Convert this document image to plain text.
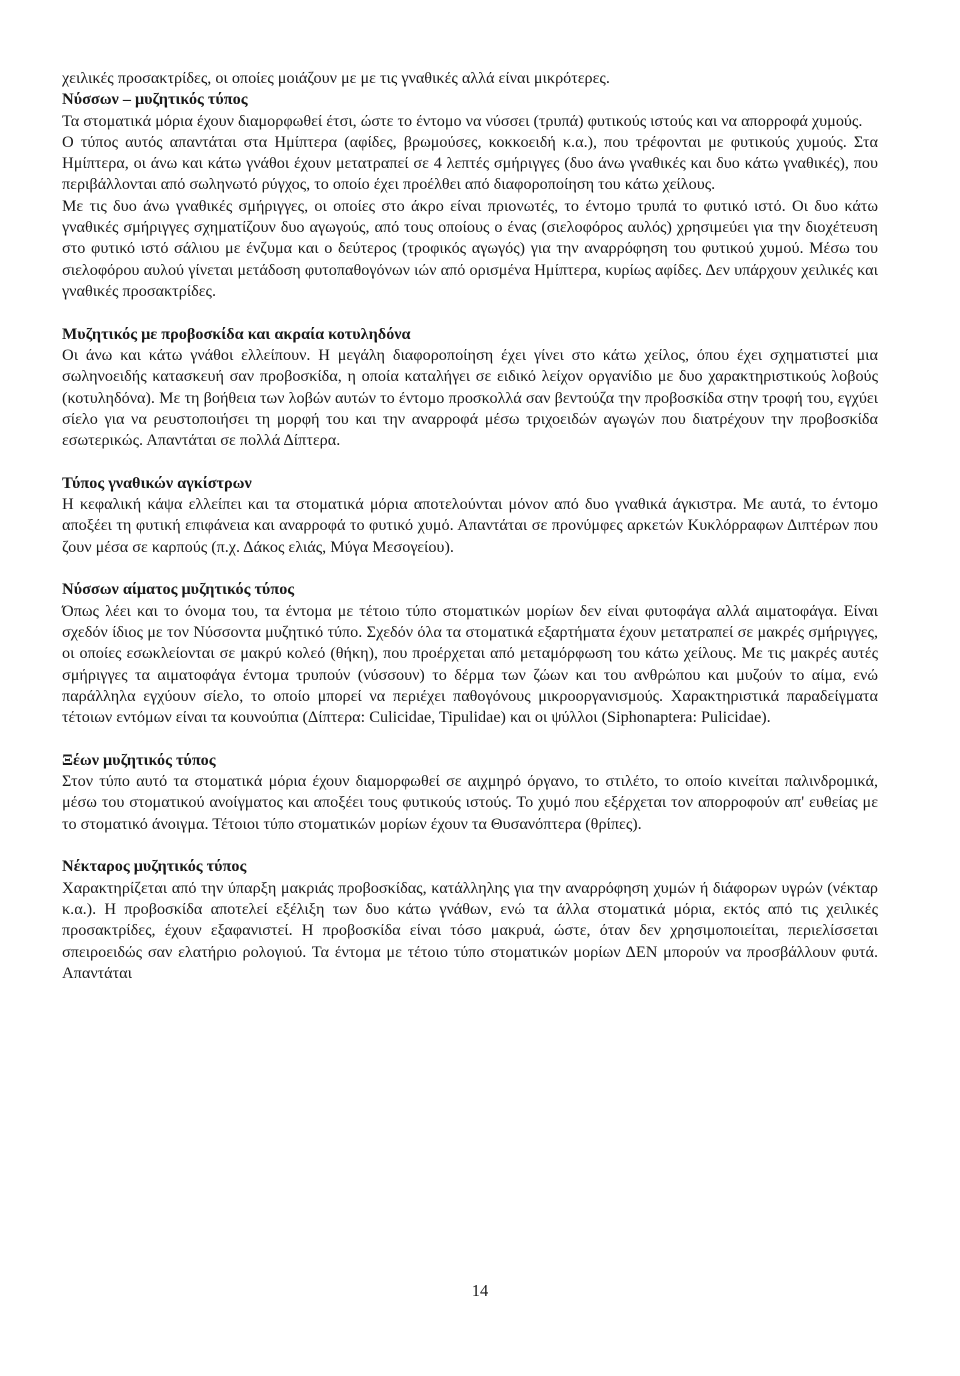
χειλικές προσακτρίδες, οι οποίες μοιάζουν με με τις γναθικές αλλά είναι μικρότερες.

Νύσσων – μυζητικός τύπος

Τα στοματικά μόρια έχουν διαμορφωθεί έτσι, ώστε το έντομο να νύσσει (τρυπά) φυτικούς ιστούς και να απορροφά χυμούς.

Ο τύπος αυτός απαντάται στα Ημίπτερα (αφίδες, βρωμούσες, κοκκοειδή κ.α.), που τρέφονται με φυτικούς χυμούς. Στα Ημίπτερα, οι άνω και κάτω γνάθοι έχουν μετατραπεί σε 4 λεπτές σμήριγγες (δυο άνω γναθικές και δυο κάτω γναθικές), που περιβάλλονται από σωληνωτό ρύγχος, το οποίο έχει προέλθει από διαφοροποίηση του κάτω χείλους.

Με τις δυο άνω γναθικές σμήριγγες, οι οποίες στο άκρο είναι πριονωτές, το έντομο τρυπά το φυτικό ιστό. Οι δυο κάτω γναθικές σμήριγγες σχηματίζουν δυο αγωγούς, από τους οποίους ο ένας (σιελοφόρος αυλός) χρησιμεύει για την διοχέτευση στο φυτικό ιστό σάλιου με ένζυμα και ο δεύτερος (τροφικός αγωγός) για την αναρρόφηση του φυτικού χυμού. Μέσω του σιελοφόρου αυλού γίνεται μετάδοση φυτοπαθογόνων ιών από ορισμένα Ημίπτερα, κυρίως αφίδες. Δεν υπάρχουν χειλικές και γναθικές προσακτρίδες.

Μυζητικός με προβοσκίδα και ακραία κοτυληδόνα

Οι άνω και κάτω γνάθοι ελλείπουν. Η μεγάλη διαφοροποίηση έχει γίνει στο κάτω χείλος, όπου έχει σχηματιστεί μια σωληνοειδής κατασκευή σαν προβοσκίδα, η οποία καταλήγει σε ειδικό λείχον οργανίδιο με δυο χαρακτηριστικούς λοβούς (κοτυληδόνα). Με τη βοήθεια των λοβών αυτών το έντομο προσκολλά σαν βεντούζα την προβοσκίδα στην τροφή του, εγχύει σίελο για να ρευστοποιήσει τη μορφή του και την αναρροφά μέσω τριχοειδών αγωγών που διατρέχουν την προβοσκίδα εσωτερικώς. Απαντάται σε πολλά Δίπτερα.

Τύπος γναθικών αγκίστρων

Η κεφαλική κάψα ελλείπει και τα στοματικά μόρια αποτελούνται μόνον από δυο γναθικά άγκιστρα. Με αυτά, το έντομο αποξέει τη φυτική επιφάνεια και αναρροφά το φυτικό χυμό. Απαντάται σε προνύμφες αρκετών Κυκλόρραφων Διπτέρων που ζουν μέσα σε καρπούς (π.χ. Δάκος ελιάς, Μύγα Μεσογείου).

Νύσσων αίματος μυζητικός τύπος

Όπως λέει και το όνομα του, τα έντομα με τέτοιο τύπο στοματικών μορίων δεν είναι φυτοφάγα αλλά αιματοφάγα. Είναι σχεδόν ίδιος με τον Νύσσοντα μυζητικό τύπο. Σχεδόν όλα τα στοματικά εξαρτήματα έχουν μετατραπεί σε μακρές σμήριγγες, οι οποίες εσωκλείονται σε μακρύ κολεό (θήκη), που προέρχεται από μεταμόρφωση του κάτω χείλους. Με τις μακρές αυτές σμήριγγες τα αιματοφάγα έντομα τρυπούν (νύσσουν) το δέρμα των ζώων και του ανθρώπου και μυζούν το αίμα, ενώ παράλληλα εγχύουν σίελο, το οποίο μπορεί να περιέχει παθογόνους μικροοργανισμούς. Χαρακτηριστικά παραδείγματα τέτοιων εντόμων είναι τα κουνούπια (Δίπτερα: Culicidae, Tipulidae) και οι ψύλλοι (Siphonaptera: Pulicidae).

Ξέων μυζητικός τύπος

Στον τύπο αυτό τα στοματικά μόρια έχουν διαμορφωθεί σε αιχμηρό όργανο, το στιλέτο, το οποίο κινείται παλινδρομικά, μέσω του στοματικού ανοίγματος και αποξέει τους φυτικούς ιστούς. Το χυμό που εξέρχεται τον απορροφούν απ' ευθείας με το στοματικό άνοιγμα. Τέτοιοι τύπο στοματικών μορίων έχουν τα Θυσανόπτερα (θρίπες).

Νέκταρος μυζητικός τύπος

Χαρακτηρίζεται από την ύπαρξη μακριάς προβοσκίδας, κατάλληλης για την αναρρόφηση χυμών ή διάφορων υγρών (νέκταρ κ.α.). Η προβοσκίδα αποτελεί εξέλιξη των δυο κάτω γνάθων, ενώ τα άλλα στοματικά μόρια, εκτός από τις χειλικές προσακτρίδες, έχουν εξαφανιστεί. Η προβοσκίδα είναι τόσο μακρυά, ώστε, όταν δεν χρησιμοποιείται, περιελίσσεται σπειροειδώς σαν ελατήριο ρολογιού. Τα έντομα με τέτοιο τύπο στοματικών μορίων ΔΕΝ μπορούν να προσβάλλουν φυτά. Απαντάται

14
